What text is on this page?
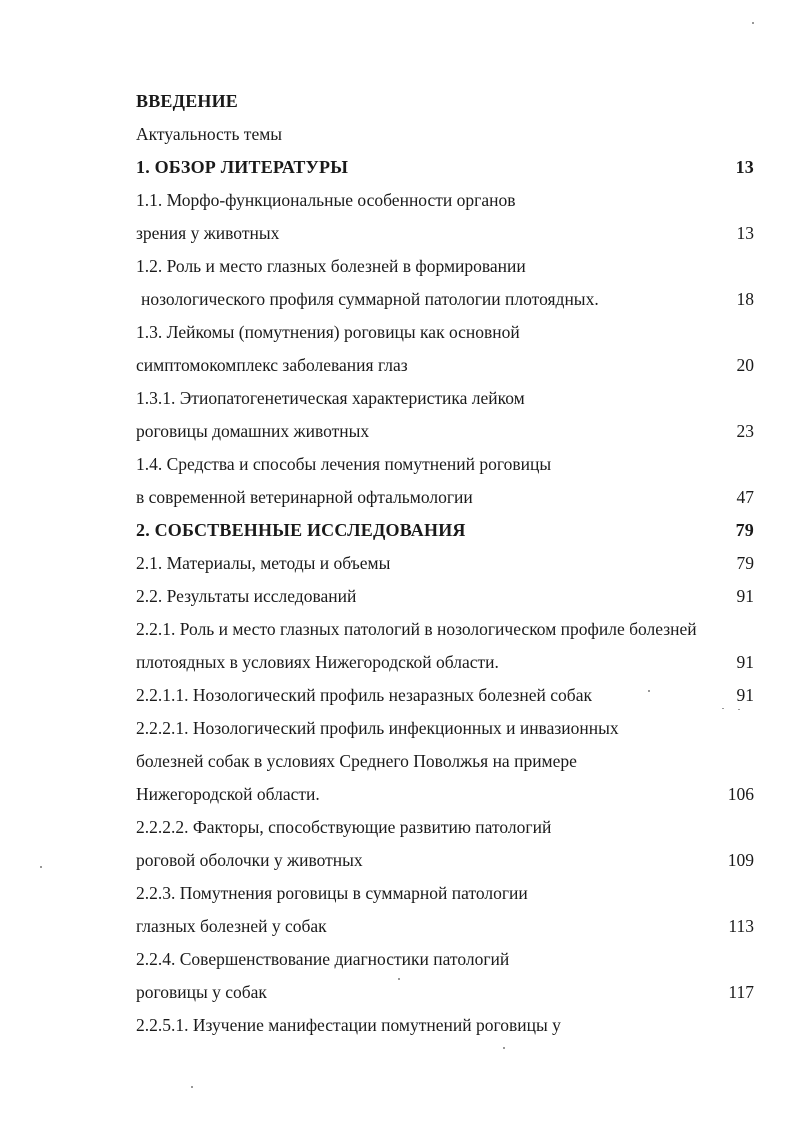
ВВЕДЕНИЕ
Актуальность темы
1. ОБЗОР ЛИТЕРАТУРЫ	13
1.1. Морфо-функциональные особенности органов
зрения у животных	13
1.2. Роль и место глазных болезней в формировании
нозологического профиля суммарной патологии плотоядных.	18
1.3. Лейкомы (помутнения) роговицы как основной
симптомокомплекс заболевания глаз	20
1.3.1. Этиопатогенетическая характеристика лейком
роговицы домашних животных	23
1.4. Средства и способы лечения помутнений роговицы
в современной ветеринарной офтальмологии	47
2. СОБСТВЕННЫЕ ИССЛЕДОВАНИЯ	79
2.1. Материалы, методы и объемы	79
2.2. Результаты исследований	91
2.2.1. Роль и место глазных патологий в нозологическом профиле болезней
плотоядных в условиях Нижегородской области.	91
2.2.1.1. Нозологический профиль незаразных болезней собак	91
2.2.2.1. Нозологический профиль инфекционных и инвазионных
болезней собак в условиях Среднего Поволжья на примере
Нижегородской области.	106
2.2.2.2. Факторы, способствующие развитию патологий
роговой оболочки у животных	109
2.2.3. Помутнения роговицы в суммарной патологии
глазных болезней у собак	113
2.2.4. Совершенствование диагностики патологий
роговицы у собак	117
2.2.5.1. Изучение манифестации помутнений роговицы у
